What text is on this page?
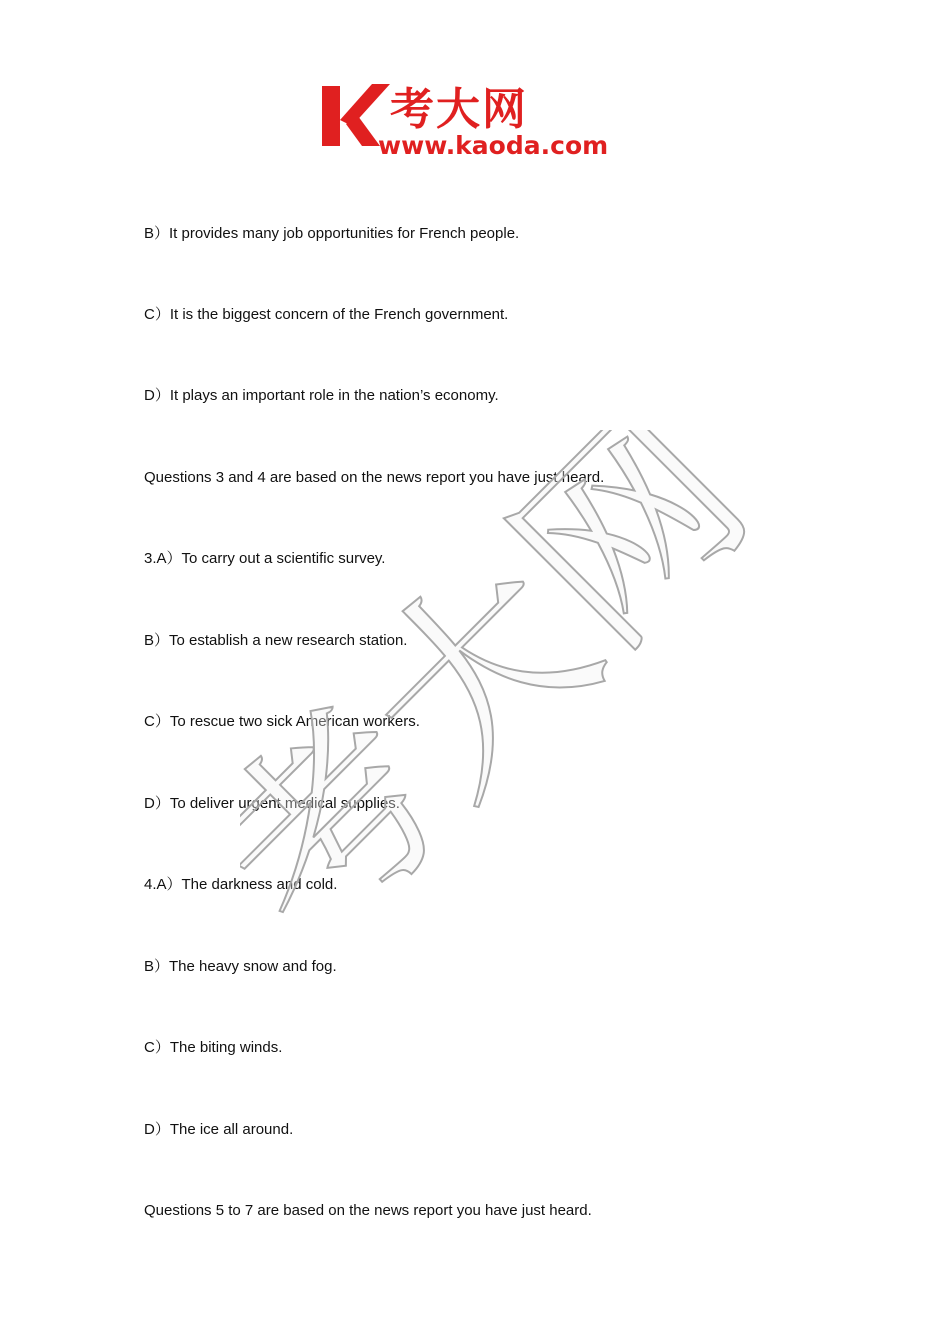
考大网
www.kaoda.com
B）It provides many job opportunities for French people.
C）It is the biggest concern of the French government.
D）It plays an important role in the nation’s economy.
Questions 3 and 4 are based on the news report you have just heard.
3.A）To carry out a scientific survey.
B）To establish a new research station.
C）To rescue two sick American workers.
D）To deliver urgent medical supplies.
4.A）The darkness and cold.
B）The heavy snow and fog.
C）The biting winds.
D）The ice all around.
Questions 5 to 7 are based on the news report you have just heard.
考大网
